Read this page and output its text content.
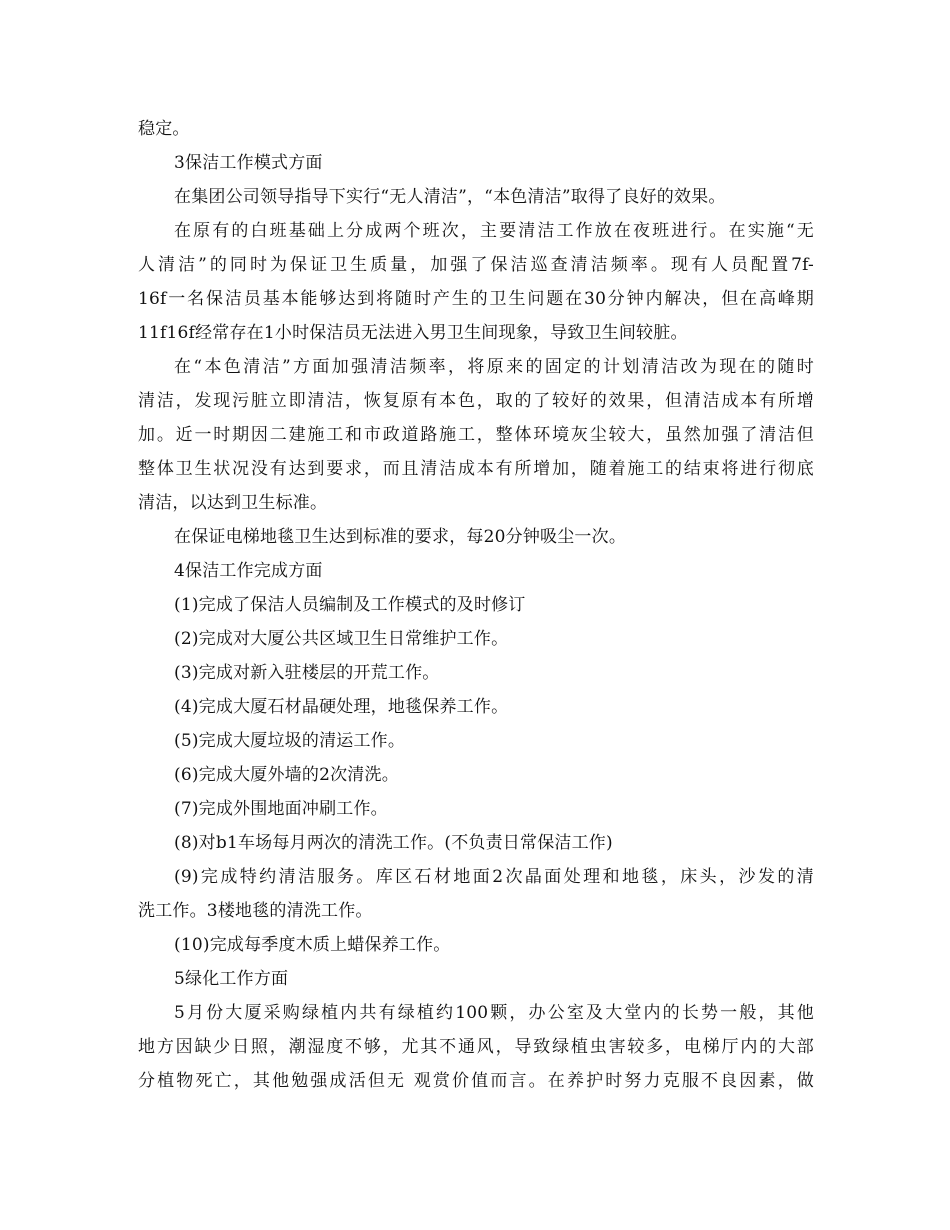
稳定。
3保洁工作模式方面
在集团公司领导指导下实行“无人清洁”，“本色清洁”取得了良好的效果。
在原有的白班基础上分成两个班次，主要清洁工作放在夜班进行。在实施“无
人清洁”的同时为保证卫生质量，加强了保洁巡查清洁频率。现有人员配置7f-
16f一名保洁员基本能够达到将随时产生的卫生问题在30分钟内解决，但在高峰期
11f16f经常存在1小时保洁员无法进入男卫生间现象，导致卫生间较脏。
在“本色清洁”方面加强清洁频率，将原来的固定的计划清洁改为现在的随时
清洁，发现污脏立即清洁，恢复原有本色，取的了较好的效果，但清洁成本有所增
加。近一时期因二建施工和市政道路施工，整体环境灰尘较大，虽然加强了清洁但
整体卫生状况没有达到要求，而且清洁成本有所增加，随着施工的结束将进行彻底
清洁，以达到卫生标准。
在保证电梯地毯卫生达到标准的要求，每20分钟吸尘一次。
4保洁工作完成方面
(1)完成了保洁人员编制及工作模式的及时修订
(2)完成对大厦公共区域卫生日常维护工作。
(3)完成对新入驻楼层的开荒工作。
(4)完成大厦石材晶硬处理，地毯保养工作。
(5)完成大厦垃圾的清运工作。
(6)完成大厦外墙的2次清洗。
(7)完成外围地面冲刷工作。
(8)对b1车场每月两次的清洗工作。(不负责日常保洁工作)
(9)完成特约清洁服务。库区石材地面2次晶面处理和地毯，床头，沙发的清
洗工作。3楼地毯的清洗工作。
(10)完成每季度木质上蜡保养工作。
5绿化工作方面
5月份大厦采购绿植内共有绿植约100颗，办公室及大堂内的长势一般，其他
地方因缺少日照，潮湿度不够，尤其不通风，导致绿植虫害较多，电梯厅内的大部
分植物死亡，其他勉强成活但无 观赏价值而言。在养护时努力克服不良因素，做
